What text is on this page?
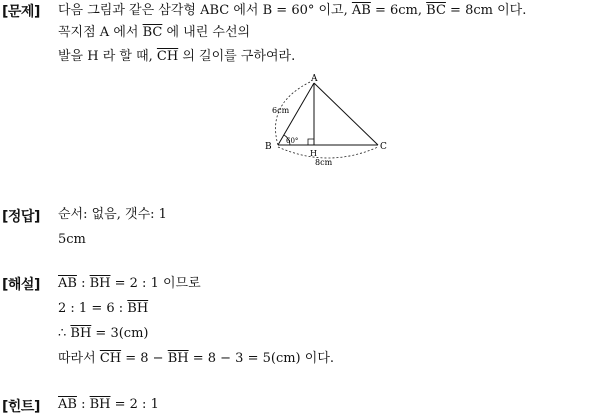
[문제] 다음 그림과 같은 삼각형 ABC 에서 B = 60° 이고, $\overline{AB} = 6cm$, $\overline{BC} = 8cm$ 이다.
꼭지점 A 에서 $\overline{BC}$ 에 내린 수선의
발을 H 라 할 때, $\overline{CH}$ 의 길이를 구하여라.
A
B	C
H
6cm
60°
8cm
[정답] 순서: 없음, 갯수: 1
5cm
[해설] $\overline{AB}$ : $\overline{BH} = 2$ : 1 이므로
2 : 1 = 6 : $\overline{BH}$
∴ $\overline{BH} = 3(cm)$
따라서 $\overline{CH} = 8 - \overline{BH} = 8 - 3 = 5(cm)$ 이다.
[힌트] $\overline{AB}$ : $\overline{BH} = 2$ : 1
